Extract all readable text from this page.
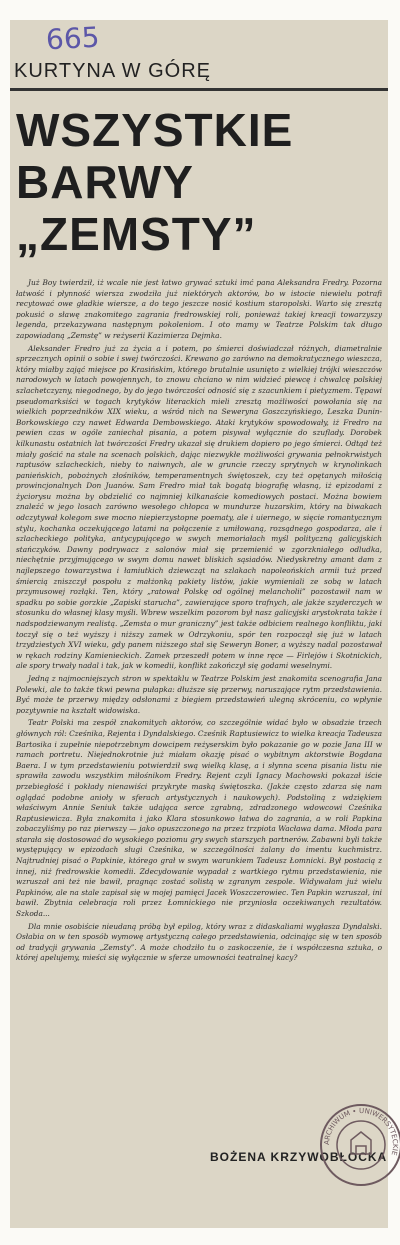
665
KURTYNA W GÓRĘ
WSZYSTKIE
BARWY
„ZEMSTY”

Już Boy twierdził, iż wcale nie jest łatwo grywać sztuki imć pana Aleksandra Fredry. Pozorna łatwość i płynność wiersza zwodziła już niektórych aktorów, bo w istocie niewielu potrafi recytować owe gładkie wiersze, a do tego jeszcze nosić kostium staropolski. Warto się zresztą pokusić o sławę znakomitego zagrania fredrowskiej roli, ponieważ takiej kreacji towarzyszy legenda, przekazywana następnym pokoleniom. I oto mamy w Teatrze Polskim tak długo zapowiadaną „Zemstę” w reżyserii Kazimierza Dejmka.

Aleksander Fredro już za życia a i potem, po śmierci doświadczał różnych, diametralnie sprzecznych opinii o sobie i swej twórczości. Krewano go zarówno na demokratycznego wieszcza, który miałby zająć miejsce po Krasińskim, którego brutalnie usunięto z wielkiej trójki wieszczów narodowych w latach powojennych, to znowu chciano w nim widzieć piewcę i chwalcę polskiej szlachetczyzny, niegodnego, by do jego twórczości odnosić się z szacunkiem i pietyzmem. Tępawi pseudomarksiści w togach krytyków literackich mieli zresztą możliwości powołania się na wielkich poprzedników XIX wieku, a wśród nich na Sewerynа Goszczyńskiego, Leszka Dunin-Borkowskiego czy nawet Edwarda Dembowskiego. Ataki krytyków spowodowały, iż Fredro na pewien czas w ogóle zaniechał pisania, a potem pisywał wyłącznie do szuflady. Dorobek kilkunastu ostatnich lat twórczości Fredry ukazał się drukiem dopiero po jego śmierci. Odtąd też miały gościć na stale na scenach polskich, dając niezwykłe możliwości grywania pełnokrwistych raptusów szlacheckich, nieby to naiwnych, ale w gruncie rzeczy sprytnych w krynolinkach panieńskich, pobożnych złośników, temperamentnych świętoszek, czy też opętanych miłością prowincjonalnych Don Juanów. Sam Fredro miał tak bogatą biografię własną, iż epizodami z życiorysu można by obdzielić co najmniej kilkanaście komediowych postaci. Można bowiem znaleźć w jego losach zarówno wesołego chłopca w mundurze huzarskim, który na biwakach odczytywał kolegom swe mocno niepierzystopne poematy, ale i uiernego, w sięcie romantycznym stylu, kochanka oczekującego latami na połączenie z umiłowaną, rozsądnego gospodarza, ale i szlacheckiego polityka, antycypującego w swych memoriałach myśl polityczną galicyjskich stańczyków. Dawny podrywacz z salonów miał się przemienić w zgorzkniałego odludka, niechętnie przyjmującego w swym domu nawet bliskich sąsiadów. Niedyskretny amant dam z najlepszego towarzystwa i łamiutkich dziewcząt na szlakach napoleońskich armii tuż przed śmiercią zniszczył pospołu z małżonką pakiety listów, jakie wymieniali ze sobą w latach przymusowej rozłąki. Ten, który „ratował Polskę od ogólnej melancholii” pozostawił nam w spadku po sobie gorzkie „Zapiski starucha”, zawierające sporo trafnych, ale jakże szyderczych w stosunku do własnej klasy myśli. Wbrew wszelkim pozorom był nasz galicyjski arystokrata także i nadspodziewanym realistą. „Zemsta o mur graniczny” jest także odbiciem realnego konfliktu, jaki toczył się o też wyższy i niższy zamek w Odrzykoniu, spór ten rozpoczął się już w latach trzydziestych XVI wieku, gdy panem niższego stał się Seweryn Boner, a wyższy nadal pozostawał w rękach rodziny Kamienieckich. Zamek przeszedł potem w inne ręce — Firlejów i Skotnickich, ale spory trwały nadal i tak, jak w komedii, konflikt zakończył się godami weselnymi.

Jedną z najmocniejszych stron w spektaklu w Teatrze Polskim jest znakomita scenografia Jana Polewki, ale to także tkwi pewna pułapka: dłuższe się przerwy, naruszające rytm przedstawienia. Być może te przerwy między odsłonami z biegiem przedstawień ulegną skróceniu, co wpłynie pozytywnie na kształt widowiska.

Teatr Polski ma zespół znakomitych aktorów, co szczególnie widać było w obsadzie trzech głównych ról: Cześnika, Rejenta i Dyndalskiego. Cześnik Raptusiewicz to wielka kreacja Tadeusza Bartosika i zupełnie niepotrzebnym dowcipem reżyserskim było pokazanie go w pozie Jana III w ramach portretu. Niejednokrotnie już miałam okazję pisać o wybitnym aktorstwie Bogdana Baera. I w tym przedstawieniu potwierdził swą wielką klasę, a i słynna scena pisania listu nie sprawiła zawodu wszystkim miłośnikom Fredry. Rejent czyli Ignacy Machowski pokazał iście przebiegłość i pokłady nienawiści przykryte maską świętoszka. (Jakże często zdarza się nam oglądać podobne anioły w sferach artystycznych i naukowych). Podstoliną z wdziękiem właściwym Annie Seniuk także udająca serce zgrabną, zdradzonego wdowcowi Cześnika Raptusiewicza. Była znakomita i jako Klara stosunkowo łatwa do zagrania, a w roli Papkina zobaczyliśmy po raz pierwszy — jako opuszczonego na przez trzpiota Wacława dama. Młoda para starała się dostosować do wysokiego poziomu gry swych starszych partnerów. Zabawni byli także występujący w epizodach sługi Cześnika, w szczególności żalany do imentu kuchmistrz. Najtrudniej pisać o Papkinie, którego grał w swym warunkiem Tadeusz Łomnicki. Był postacią z innej, niż fredrowskie komedii. Zdecydowanie wypadał z wartkiego rytmu przedstawienia, nie wzruszał ani też nie bawił, pragnąc zostać solistą w zgranym zespole. Widywałam już wielu Papkinów, ale na stale zapisał się w mojej pamięci Jacek Woszczerowiec. Ten Papkin wzruszał, ini bawił. Zbytnia celebracja roli przez Łomnickiego nie przyniosła oczekiwanych rezultatów. Szkoda...

Dla mnie osobiście nieudaną próbą był epilog, który wraz z didaskaliami wygłasza Dyndalski. Osłabia on w ten sposób wymowę artystyczną całego przedstawienia, odcinając się w ten sposób od tradycji grywania „Zemsty”. A może chodziło tu o zaskoczenie, że i współczesna sztuka, o której apelujemy, mieści się wyłącznie w sferze umowności teatralnej kacy?

BOŻENA KRZYWOBŁOCKA
ARCHIWUM • UNIWERSYTECKIE
